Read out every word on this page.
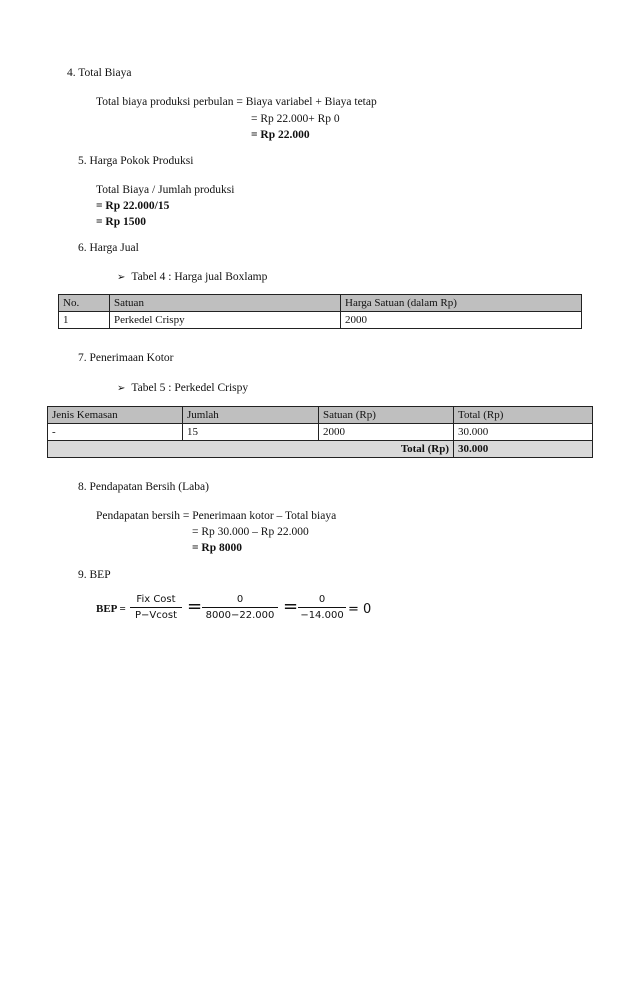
4. Total Biaya
Total biaya produksi perbulan = Biaya variabel + Biaya tetap
= Rp 22.000+ Rp 0
= Rp 22.000
5. Harga Pokok Produksi
Total Biaya / Jumlah produksi
= Rp 22.000/15
= Rp 1500
6. Harga Jual
➢ Tabel 4 : Harga jual Boxlamp
No.	Satuan	Harga Satuan (dalam Rp)
1	Perkedel Crispy	2000
7. Penerimaan Kotor
➢ Tabel 5 : Perkedel Crispy
Jenis Kemasan	Jumlah	Satuan (Rp)	Total (Rp)
-	15	2000	30.000
Total (Rp)			30.000
8. Pendapatan Bersih (Laba)
Pendapatan bersih = Penerimaan kotor – Total biaya
= Rp 30.000 – Rp 22.000
= Rp 8000
9. BEP
BEP =
Fix Cost
P−Vcost =	0
8000−22.000 =	0
−14.000 = 0
